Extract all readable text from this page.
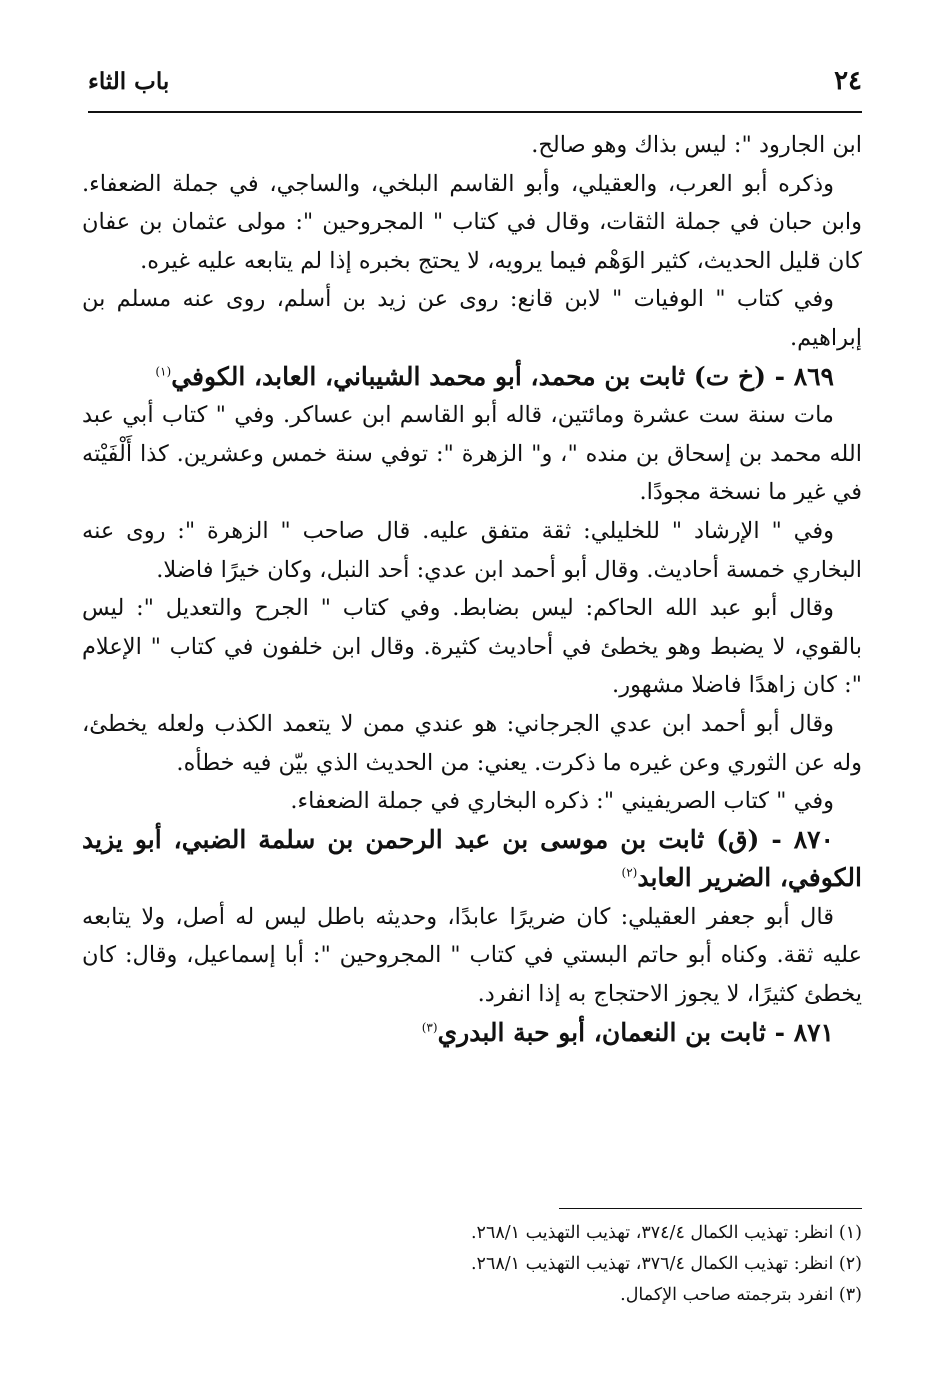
٢٤
باب الثاء

ابن الجارود ": ليس بذاك وهو صالح.

وذكره أبو العرب، والعقيلي، وأبو القاسم البلخي، والساجي، في جملة الضعفاء. وابن حبان في جملة الثقات، وقال في كتاب " المجروحين ": مولى عثمان بن عفان كان قليل الحديث، كثير الوَهْم فيما يرويه، لا يحتج بخبره إذا لم يتابعه عليه غيره.

وفي كتاب " الوفيات " لابن قانع: روى عن زيد بن أسلم، روى عنه مسلم بن إبراهيم.

٨٦٩ - (خ ت) ثابت بن محمد، أبو محمد الشيباني، العابد، الكوفي$^{(١)}$

مات سنة ست عشرة ومائتين، قاله أبو القاسم ابن عساكر. وفي " كتاب أبي عبد الله محمد بن إسحاق بن منده "، و" الزهرة ": توفي سنة خمس وعشرين. كذا أَلْفَيْته في غير ما نسخة مجودًا.

وفي " الإرشاد " للخليلي: ثقة متفق عليه. قال صاحب " الزهرة ": روى عنه البخاري خمسة أحاديث. وقال أبو أحمد ابن عدي: أحد النبل، وكان خيرًا فاضلا.

وقال أبو عبد الله الحاكم: ليس بضابط. وفي كتاب " الجرح والتعديل ": ليس بالقوي، لا يضبط وهو يخطئ في أحاديث كثيرة. وقال ابن خلفون في كتاب " الإعلام ": كان زاهدًا فاضلا مشهور.

وقال أبو أحمد ابن عدي الجرجاني: هو عندي ممن لا يتعمد الكذب ولعله يخطئ، وله عن الثوري وعن غيره ما ذكرت. يعني: من الحديث الذي بيّن فيه خطأه.

وفي " كتاب الصريفيني ": ذكره البخاري في جملة الضعفاء.

٨٧٠ - (ق) ثابت بن موسى بن عبد الرحمن بن سلمة الضبي، أبو يزيد الكوفي، الضرير العابد$^{(٢)}$

قال أبو جعفر العقيلي: كان ضريرًا عابدًا، وحديثه باطل ليس له أصل، ولا يتابعه عليه ثقة. وكناه أبو حاتم البستي في كتاب " المجروحين ": أبا إسماعيل، وقال: كان يخطئ كثيرًا، لا يجوز الاحتجاج به إذا انفرد.

٨٧١ - ثابت بن النعمان، أبو حبة البدري$^{(٣)}$

(١) انظر: تهذيب الكمال ٣٧٤/٤، تهذيب التهذيب ٢٦٨/١.

(٢) انظر: تهذيب الكمال ٣٧٦/٤، تهذيب التهذيب ٢٦٨/١.

(٣) انفرد بترجمته صاحب الإكمال.
